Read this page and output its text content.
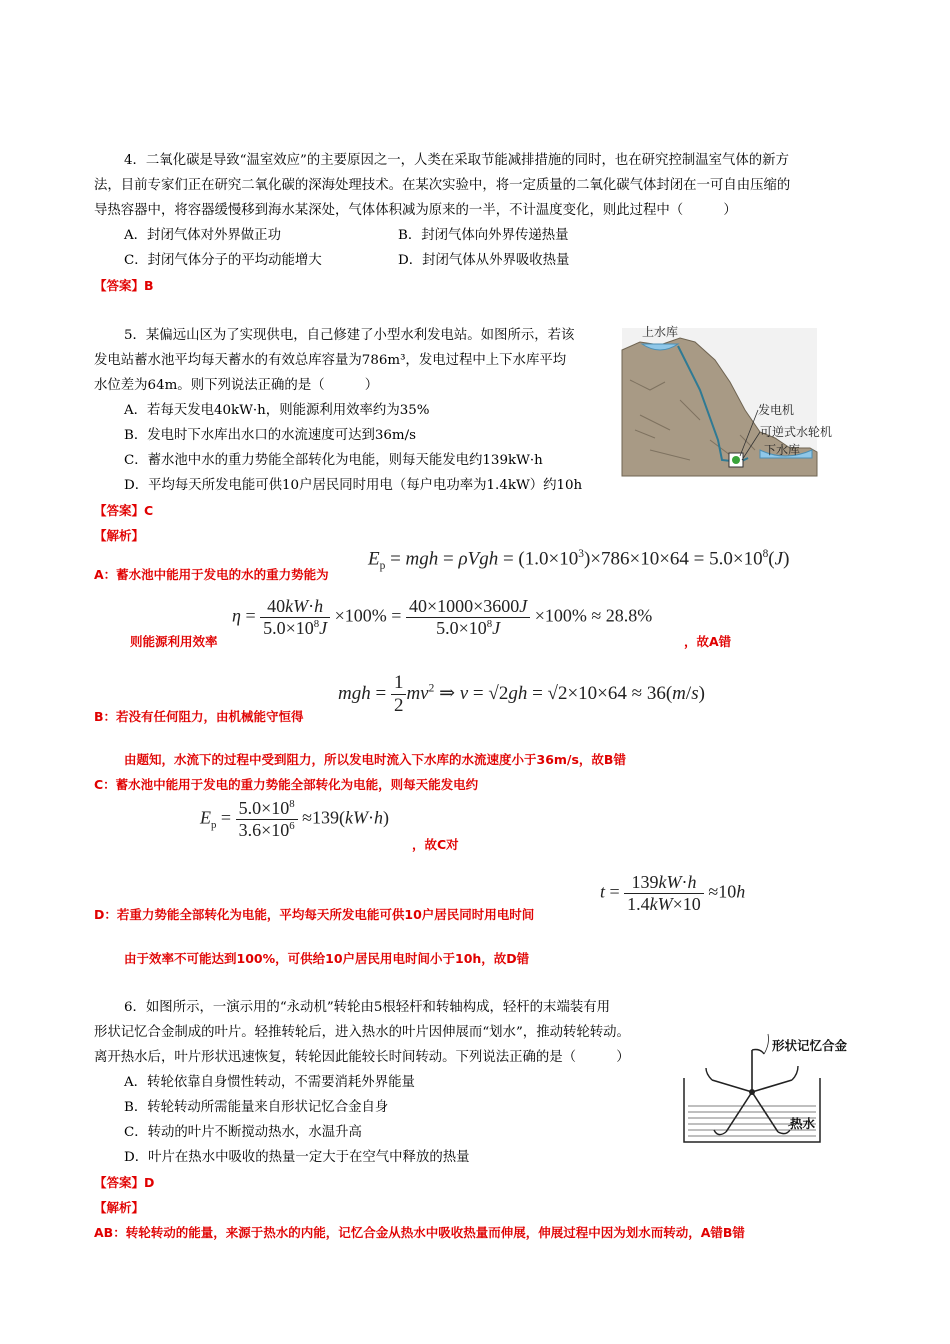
4．二氧化碳是导致“温室效应”的主要原因之一，人类在采取节能减排措施的同时，也在研究控制温室气体的新方
法，目前专家们正在研究二氧化碳的深海处理技术。在某次实验中，将一定质量的二氧化碳气体封闭在一可自由压缩的
导热容器中，将容器缓慢移到海水某深处，气体体积减为原来的一半，不计温度变化，则此过程中（　　　）
A．封闭气体对外界做正功	B．封闭气体向外界传递热量
C．封闭气体分子的平均动能增大	D．封闭气体从外界吸收热量
【答案】B
5．某偏远山区为了实现供电，自己修建了小型水利发电站。如图所示，若该
发电站蓄水池平均每天蓄水的有效总库容量为786m³，发电过程中上下水库平均
水位差为64m。则下列说法正确的是（　　　）
A．若每天发电40kW·h，则能源利用效率约为35%
B．发电时下水库出水口的水流速度可达到36m/s
C．蓄水池中水的重力势能全部转化为电能，则每天能发电约139kW·h
D．平均每天所发电能可供10户居民同时用电（每户电功率为1.4kW）约10h
【答案】C
【解析】
上水库
发电机
可逆式水轮机
下水库
A：蓄水池中能用于发电的水的重力势能为
$E_p$ = mgh = $\rho Vgh = (1.0\times 10^3)\times 786\times 10\times 64 = 5.0\times 10^8(J)$
则能源利用效率
$\eta = \frac{40kW\cdot h}{5.0\times 10^8J} \times 100\% = \frac{40\times 1000\times 3600J}{5.0\times 10^8J} \times 100\% \approx 28.8\%$
，故A错
B：若没有任何阻力，由机械能守恒得
mgh = $\frac{1}{2} mv^2$ ⇒ v = √2gh = √2×10×64 ≈ 36(m/s)
由题知，水流下的过程中受到阻力，所以发电时流入下水库的水流速度小于36m/s，故B错
C：蓄水池中能用于发电的重力势能全部转化为电能，则每天能发电约
$E_p = \frac{5.0\times 10^8}{3.6\times 10^6} \approx 139(kW\cdot h)$
，故C对
D：若重力势能全部转化为电能，平均每天所发电能可供10户居民同时用电时间
$t = \frac{139kW\cdot h}{1.4kW\times 10} \approx 10h$
由于效率不可能达到100%，可供给10户居民用电时间小于10h，故D错
6．如图所示，一演示用的“永动机”转轮由5根轻杆和转轴构成，轻杆的末端装有用
形状记忆合金制成的叶片。轻推转轮后，进入热水的叶片因伸展而“划水”，推动转轮转动。
离开热水后，叶片形状迅速恢复，转轮因此能较长时间转动。下列说法正确的是（　　　）
A．转轮依靠自身惯性转动，不需要消耗外界能量
B．转轮转动所需能量来自形状记忆合金自身
C．转动的叶片不断搅动热水，水温升高
D．叶片在热水中吸收的热量一定大于在空气中释放的热量
【答案】D
【解析】
AB：转轮转动的能量，来源于热水的内能，记忆合金从热水中吸收热量而伸展，伸展过程中因为划水而转动，A错B错
形状记忆合金
热水
